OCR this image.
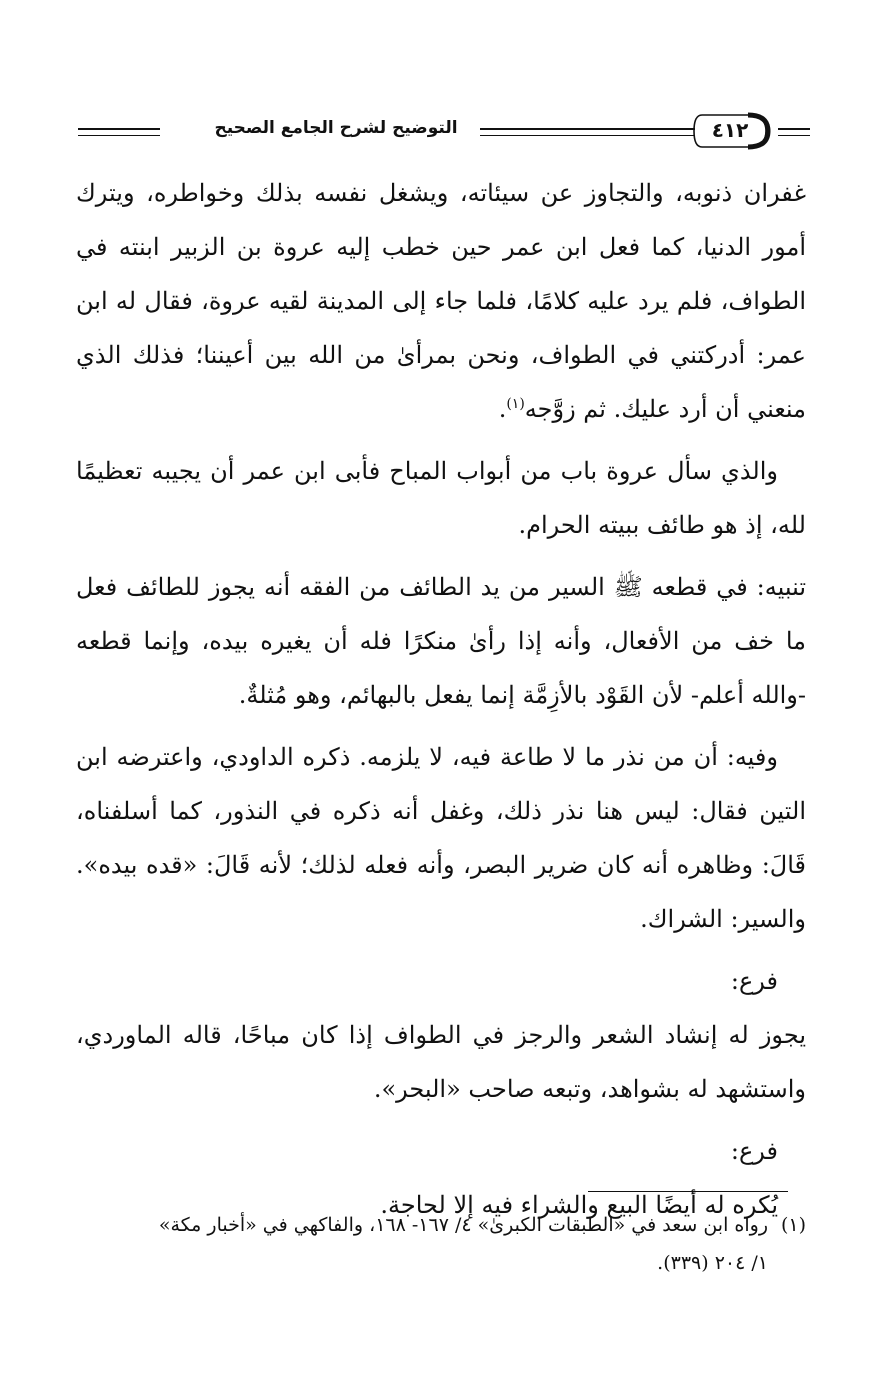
التوضيح لشرح الجامع الصحيح	٤١٢

غفران ذنوبه، والتجاوز عن سيئاته، ويشغل نفسه بذلك وخواطره، ويترك أمور الدنيا، كما فعل ابن عمر حين خطب إليه عروة بن الزبير ابنته في الطواف، فلم يرد عليه كلامًا، فلما جاء إلى المدينة لقيه عروة، فقال له ابن عمر: أدركتني في الطواف، ونحن بمرأىٰ من الله بين أعيننا؛ فذلك الذي منعني أن أرد عليك. ثم زوَّجه$^{(١)}$.

والذي سأل عروة باب من أبواب المباح فأبى ابن عمر أن يجيبه تعظيمًا لله، إذ هو طائف ببيته الحرام.

تنبيه: في قطعه ﷺ السير من يد الطائف من الفقه أنه يجوز للطائف فعل ما خف من الأفعال، وأنه إذا رأىٰ منكرًا فله أن يغيره بيده، وإنما قطعه -والله أعلم- لأن القَوْد بالأزِمَّة إنما يفعل بالبهائم، وهو مُثلةٌ.

وفيه: أن من نذر ما لا طاعة فيه، لا يلزمه. ذكره الداودي، واعترضه ابن التين فقال: ليس هنا نذر ذلك، وغفل أنه ذكره في النذور، كما أسلفناه، قَالَ: وظاهره أنه كان ضرير البصر، وأنه فعله لذلك؛ لأنه قَالَ: «قده بيده». والسير: الشراك.

فرع:

يجوز له إنشاد الشعر والرجز في الطواف إذا كان مباحًا، قاله الماوردي، واستشهد له بشواهد، وتبعه صاحب «البحر».

فرع:

يُكره له أيضًا البيع والشراء فيه إلا لحاجة.

(١)رواه ابن سعد في «الطبقات الكبرىٰ» ٤/ ١٦٧- ١٦٨، والفاكهي في «أخبار مكة»
١/ ٢٠٤ (٣٣٩).
